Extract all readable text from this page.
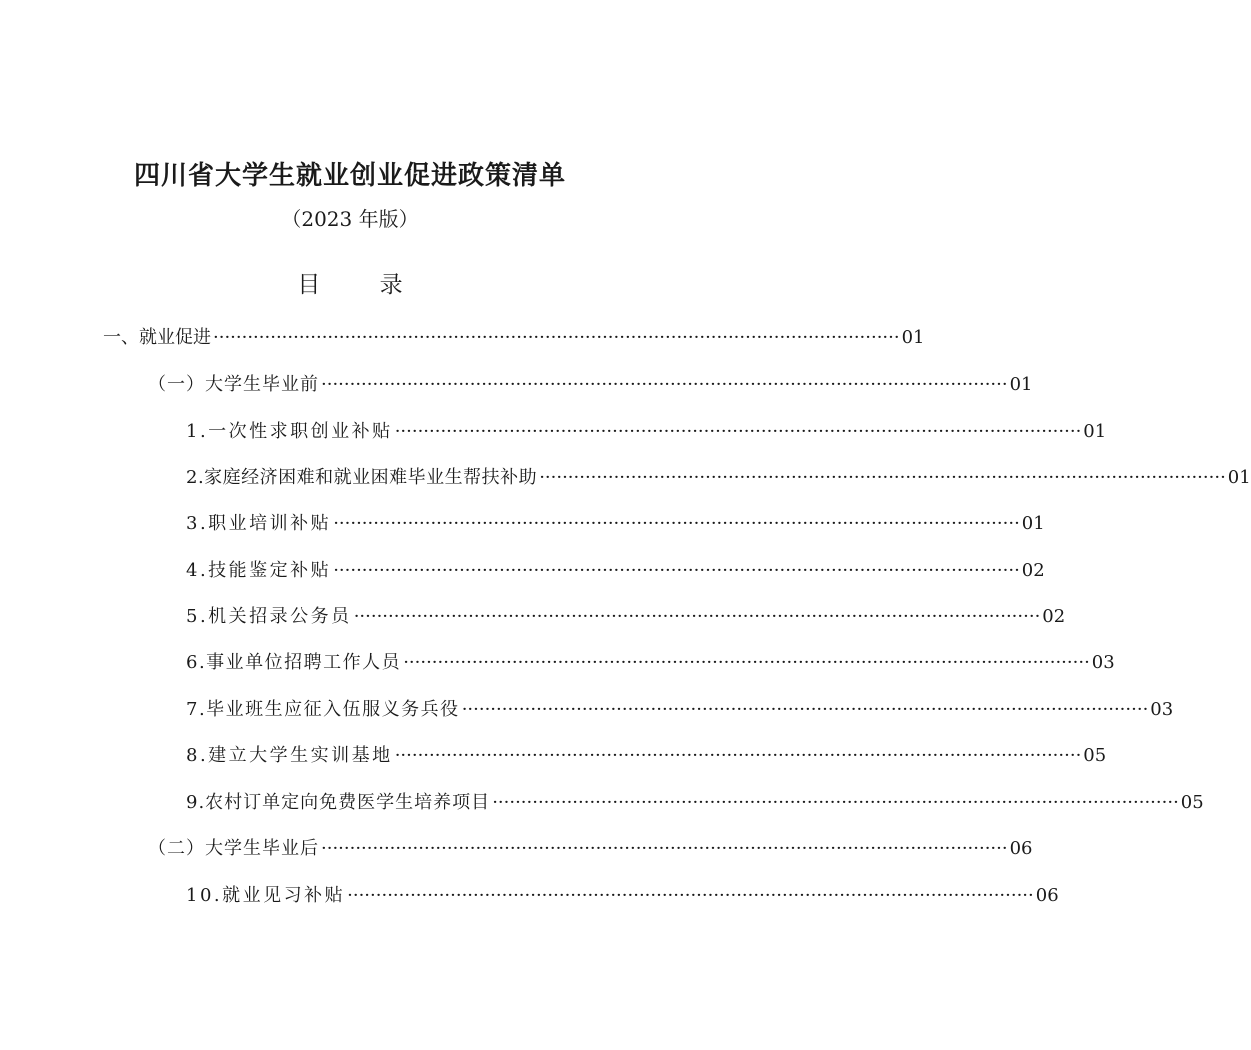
四川省大学生就业创业促进政策清单
（2023 年版）
目 录
一、就业促进 ························································································································ 01
（一）大学生毕业前 ························································································································ 01
1.一次性求职创业补贴 ························································································································ 01
2.家庭经济困难和就业困难毕业生帮扶补助 ························································································································ 01
3.职业培训补贴 ························································································································ 01
4.技能鉴定补贴 ························································································································ 02
5.机关招录公务员 ························································································································ 02
6.事业单位招聘工作人员 ························································································································ 03
7.毕业班生应征入伍服义务兵役 ························································································································ 03
8.建立大学生实训基地 ························································································································ 05
9.农村订单定向免费医学生培养项目 ························································································································ 05
（二）大学生毕业后 ························································································································ 06
10.就业见习补贴 ························································································································ 06
